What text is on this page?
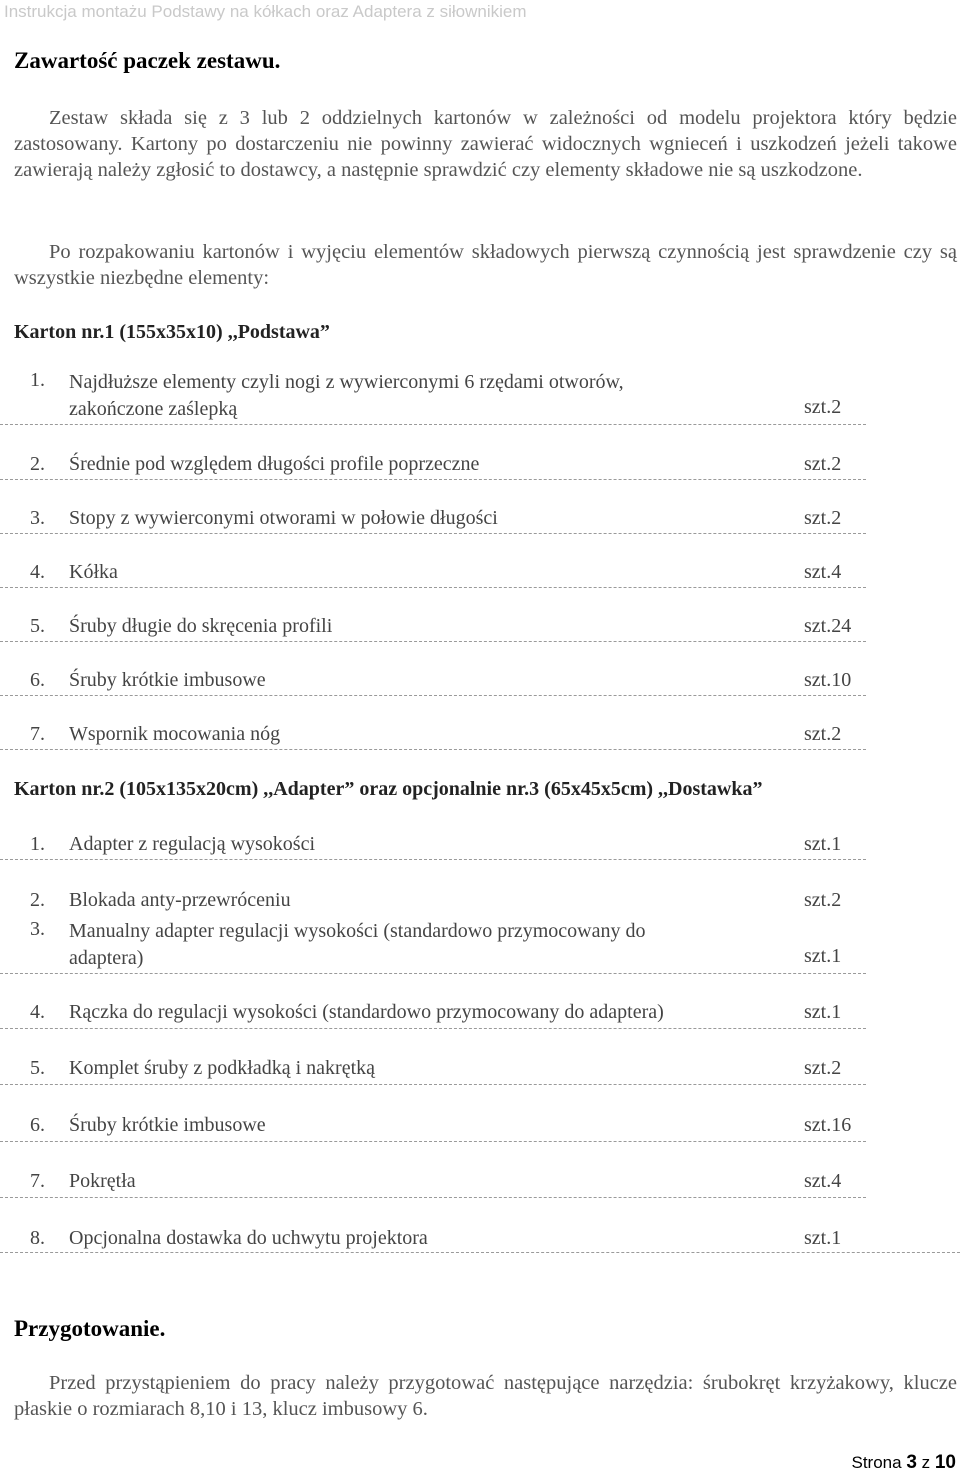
Instrukcja montażu Podstawy na kółkach oraz Adaptera z siłownikiem
Zawartość paczek zestawu.
Zestaw składa się z 3 lub 2 oddzielnych kartonów w zależności od modelu projektora który będzie zastosowany. Kartony po dostarczeniu nie powinny zawierać widocznych wgnieceń i uszkodzeń jeżeli takowe zawierają należy zgłosić to dostawcy, a następnie sprawdzić czy elementy składowe nie są uszkodzone.
Po rozpakowaniu kartonów i wyjęciu elementów składowych pierwszą czynnością jest sprawdzenie czy są wszystkie niezbędne elementy:
Karton nr.1 (155x35x10) ,,Podstawa”
1. Najdłuższe elementy czyli nogi z wywierconymi 6 rzędami otworów,
zakończone zaślepką	szt.2
2. Średnie pod względem długości profile poprzeczne	szt.2
3. Stopy z wywierconymi otworami w połowie długości	szt.2
4. Kółka	szt.4
5. Śruby długie do skręcenia profili	szt.24
6. Śruby krótkie imbusowe	szt.10
7. Wspornik mocowania nóg	szt.2
Karton nr.2 (105x135x20cm) ,,Adapter” oraz opcjonalnie nr.3 (65x45x5cm) ,,Dostawka”
1. Adapter z regulacją wysokości	szt.1
2. Blokada anty-przewróceniu	szt.2
3. Manualny adapter regulacji wysokości (standardowo przymocowany do
adaptera)	szt.1
4. Rączka do regulacji wysokości (standardowo przymocowany do adaptera)	szt.1
5. Komplet śruby z podkładką i nakrętką	szt.2
6. Śruby krótkie imbusowe	szt.16
7. Pokrętła	szt.4
8. Opcjonalna dostawka do uchwytu projektora	szt.1
Przygotowanie.
Przed przystąpieniem do pracy należy przygotować następujące narzędzia: śrubokręt krzyżakowy, klucze płaskie o rozmiarach 8,10 i 13, klucz imbusowy 6.
Strona 3 z 10
